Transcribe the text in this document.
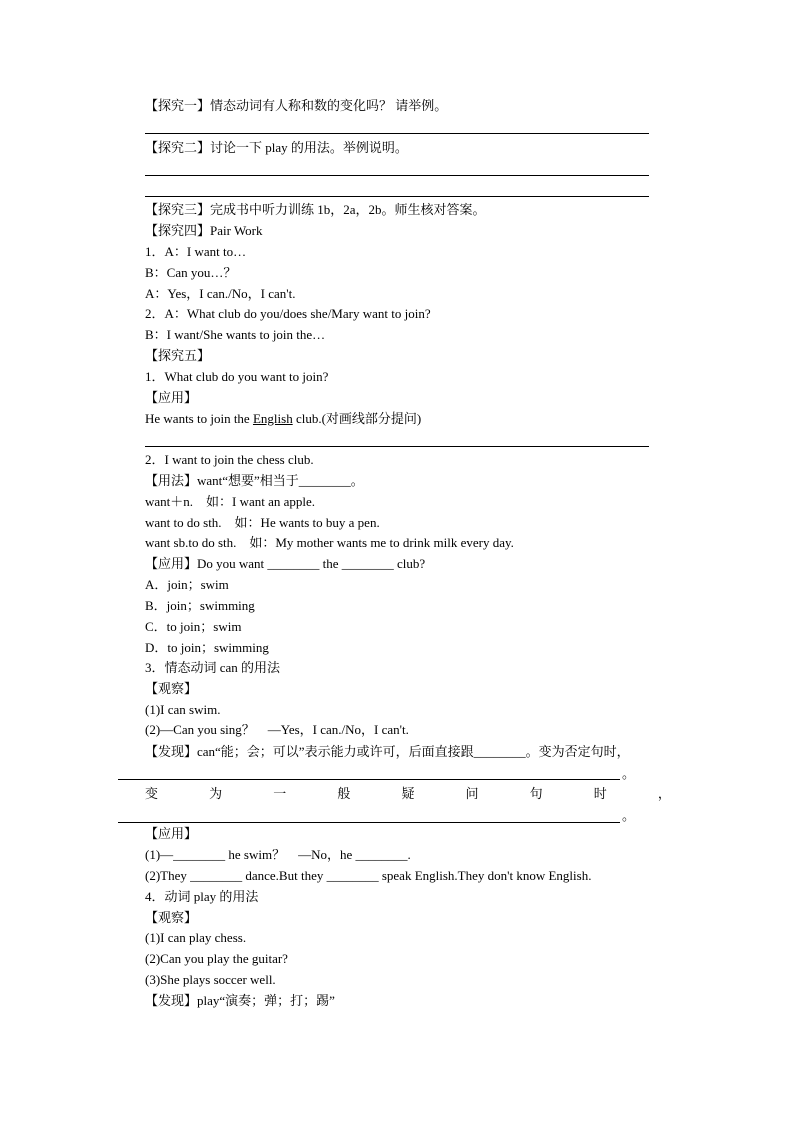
【探究一】情态动词有人称和数的变化吗？ 请举例。
【探究二】讨论一下 play 的用法。举例说明。
【探究三】完成书中听力训练 1b，2a，2b。师生核对答案。
【探究四】Pair Work
1．A：I want to…
B：Can you…？
A：Yes，I can./No，I can't.
2．A：What club do you/does she/Mary want to join?
B：I want/She wants to join the…
【探究五】
1．What club do you want to join?
【应用】
He wants to join the English club.(对画线部分提问)
2．I want to join the chess club.
【用法】want“想要”相当于________。
want＋n.　如：I want an apple.
want to do sth.　如：He wants to buy a pen.
want sb.to do sth.　如：My mother wants me to drink milk every day.
【应用】Do you want ________ the ________ club?
A．join；swim
B．join；swimming
C．to join；swim
D．to join；swimming
3．情态动词 can 的用法
【观察】
(1)I can swim.
(2)—Can you sing？　—Yes，I can./No，I can't.
【发现】can“能；会；可以”表示能力或许可，后面直接跟________。变为否定句时，
。
变	为	一	般	疑	问	句	时	，
。
【应用】
(1)—________ he swim？　—No，he ________.
(2)They ________ dance.But they ________ speak English.They don't know English.
4．动词 play 的用法
【观察】
(1)I can play chess.
(2)Can you play the guitar?
(3)She plays soccer well.
【发现】play“演奏；弹；打；踢”
